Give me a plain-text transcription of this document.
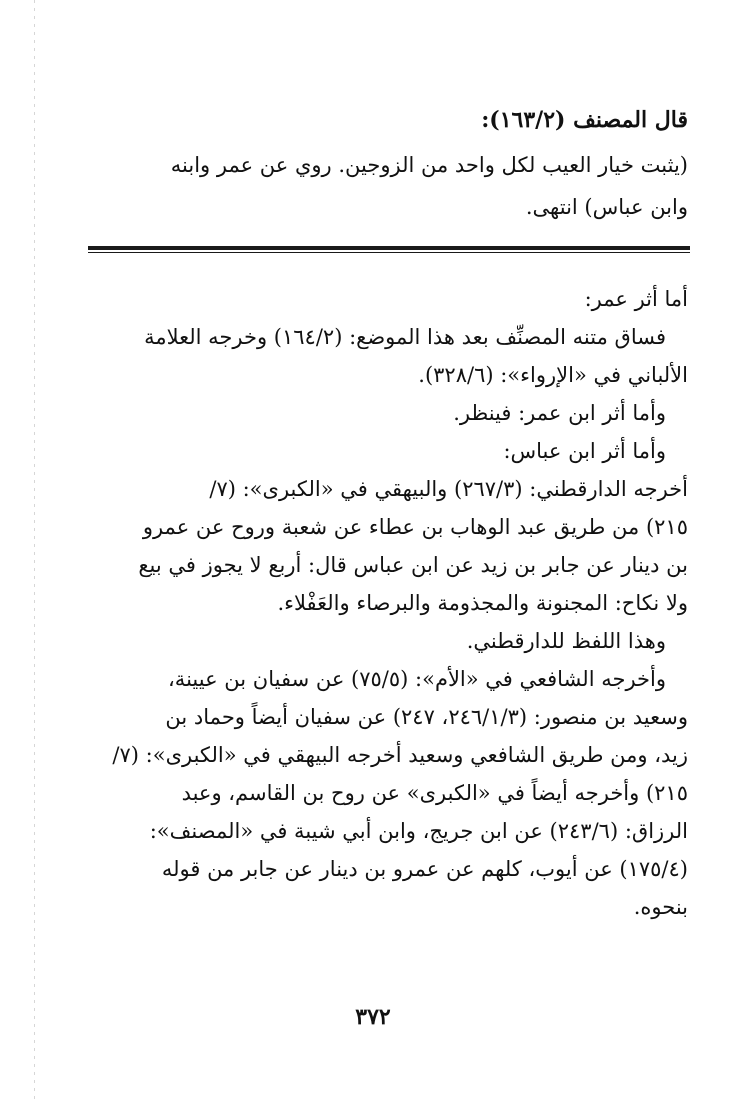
قال المصنف (١٦٣/٢):
(يثبت خيار العيب لكل واحد من الزوجين. روي عن عمر وابنه
وابن عباس) انتهى.
أما أثر عمر:
فساق متنه المصنِّف بعد هذا الموضع: (١٦٤/٢) وخرجه العلامة
الألباني في «الإرواء»: (٣٢٨/٦).
وأما أثر ابن عمر: فينظر.
وأما أثر ابن عباس:
أخرجه الدارقطني: (٢٦٧/٣) والبيهقي في «الكبرى»: (٧/
٢١٥) من طريق عبد الوهاب بن عطاء عن شعبة وروح عن عمرو
بن دينار عن جابر بن زيد عن ابن عباس قال: أربع لا يجوز في بيع
ولا نكاح: المجنونة والمجذومة والبرصاء والعَفْلاء.
وهذا اللفظ للدارقطني.
وأخرجه الشافعي في «الأم»: (٧٥/٥) عن سفيان بن عيينة،
وسعيد بن منصور: (٢٤٦/١/٣، ٢٤٧) عن سفيان أيضاً وحماد بن
زيد، ومن طريق الشافعي وسعيد أخرجه البيهقي في «الكبرى»: (٧/
٢١٥) وأخرجه أيضاً في «الكبرى» عن روح بن القاسم، وعبد
الرزاق: (٢٤٣/٦) عن ابن جريج، وابن أبي شيبة في «المصنف»:
(١٧٥/٤) عن أيوب، كلهم عن عمرو بن دينار عن جابر من قوله
بنحوه.
٣٧٢
